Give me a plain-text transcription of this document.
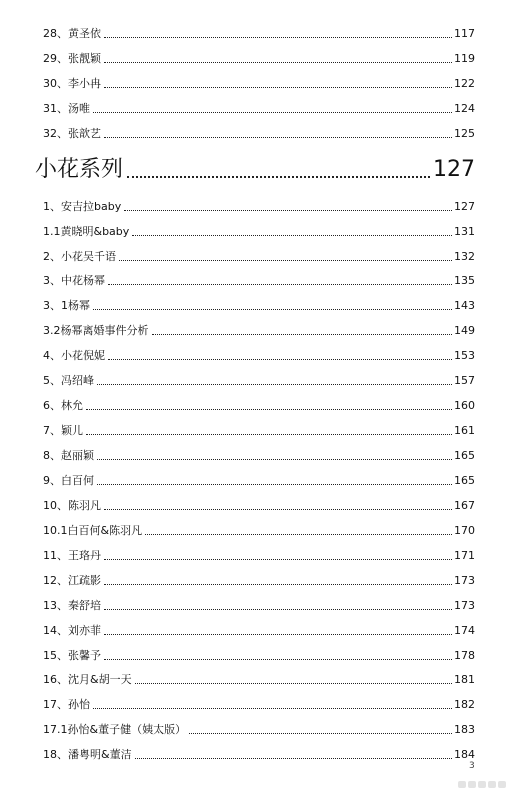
28、黄圣依	117
29、张靓颖	119
30、李小冉	122
31、汤唯	124
32、张歆艺	125
小花系列	127
1、安吉拉baby	127
1.1黄晓明&baby	131
2、小花吴千语	132
3、中花杨幂	135
3、1杨幂	143
3.2杨幂离婚事件分析	149
4、小花倪妮	153
5、冯绍峰	157
6、林允	160
7、颖儿	161
8、赵丽颖	165
9、白百何	165
10、陈羽凡	167
10.1白百何&陈羽凡	170
11、王珞丹	171
12、江疏影	173
13、秦舒培	173
14、刘亦菲	174
15、张馨予	178
16、沈月&胡一天	181
17、孙怡	182
17.1孙怡&董子健（姨太版）	183
18、潘粤明&董洁	184
3
